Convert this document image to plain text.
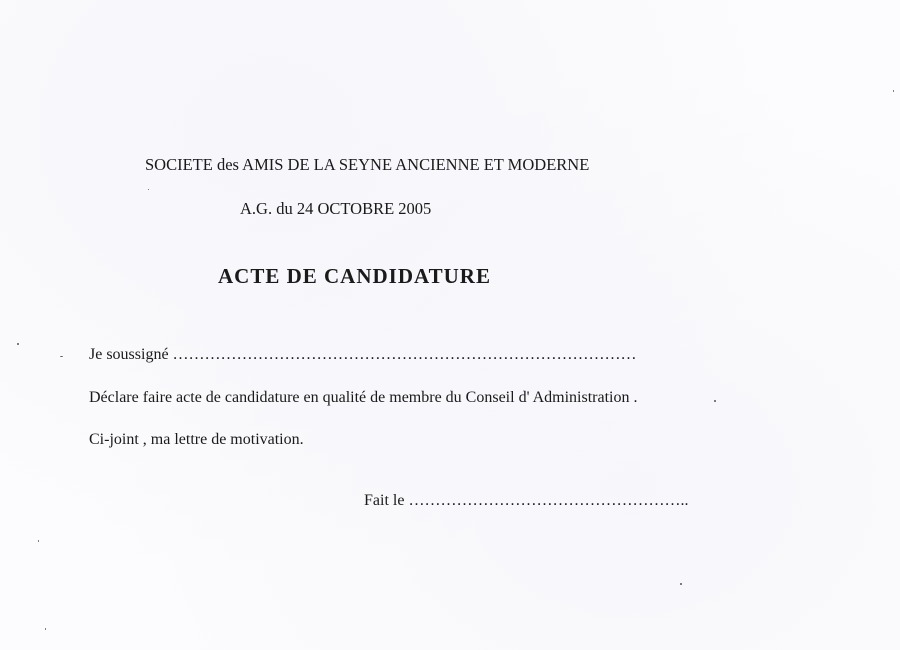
SOCIETE des AMIS DE LA SEYNE ANCIENNE ET MODERNE
A.G. du 24 OCTOBRE 2005
ACTE DE CANDIDATURE
Je soussigné ……………………………………………………………………………
Déclare faire acte de candidature en qualité de membre du Conseil d' Administration .
Ci-joint , ma lettre de motivation.
Fait le ……………………………………………..
